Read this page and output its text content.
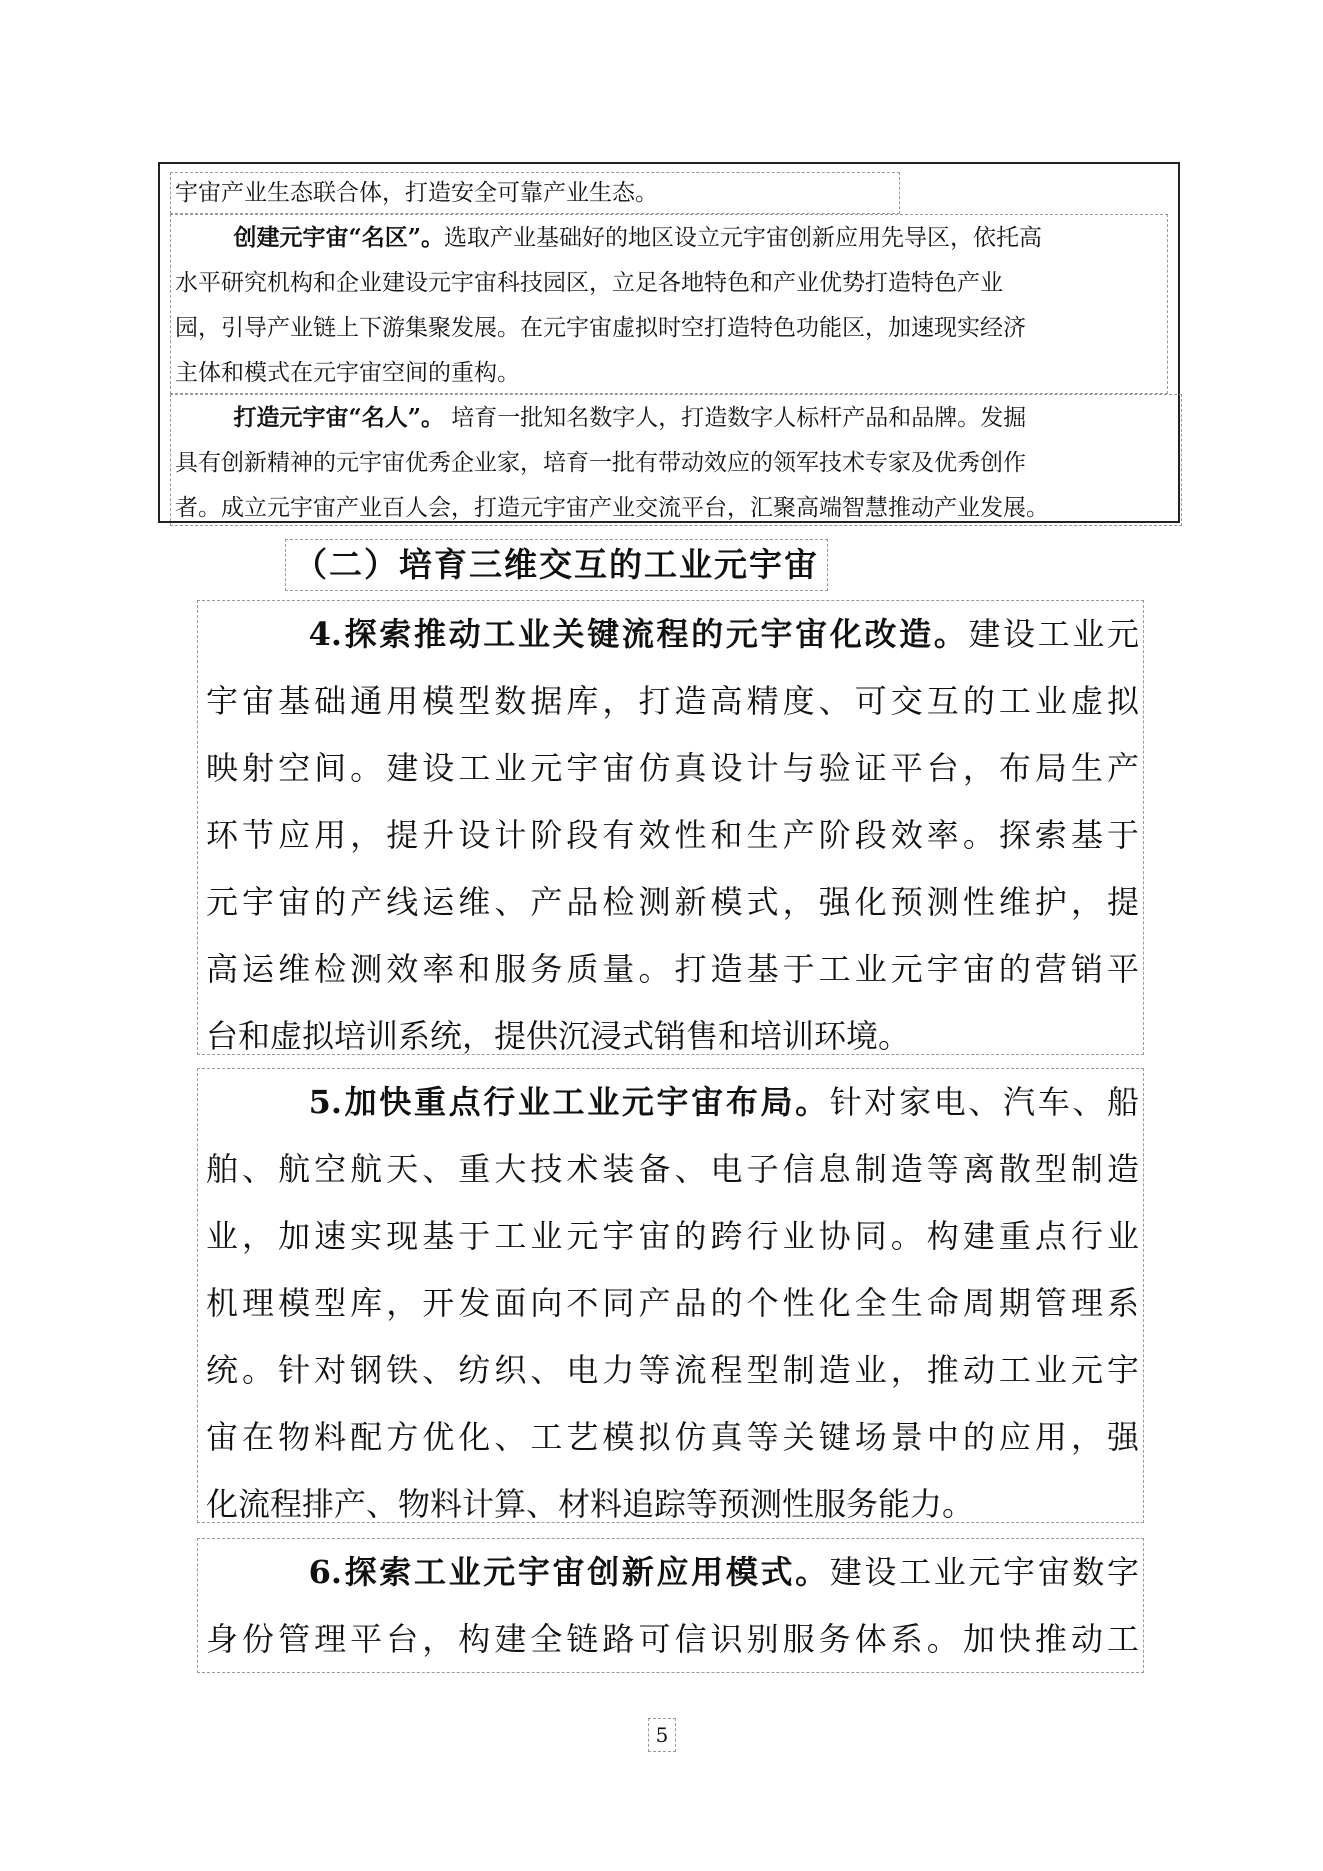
宇宙产业生态联合体，打造安全可靠产业生态。
创建元宇宙“名区”。选取产业基础好的地区设立元宇宙创新应用先导区，依托高
水平研究机构和企业建设元宇宙科技园区，立足各地特色和产业优势打造特色产业
园，引导产业链上下游集聚发展。在元宇宙虚拟时空打造特色功能区，加速现实经济
主体和模式在元宇宙空间的重构。
打造元宇宙“名人”。 培育一批知名数字人，打造数字人标杆产品和品牌。发掘
具有创新精神的元宇宙优秀企业家，培育一批有带动效应的领军技术专家及优秀创作
者。成立元宇宙产业百人会，打造元宇宙产业交流平台，汇聚高端智慧推动产业发展。
（二）培育三维交互的工业元宇宙
4.探索推动工业关键流程的元宇宙化改造。建设工业元
宇宙基础通用模型数据库，打造高精度、可交互的工业虚拟
映射空间。建设工业元宇宙仿真设计与验证平台，布局生产
环节应用，提升设计阶段有效性和生产阶段效率。探索基于
元宇宙的产线运维、产品检测新模式，强化预测性维护，提
高运维检测效率和服务质量。打造基于工业元宇宙的营销平
台和虚拟培训系统，提供沉浸式销售和培训环境。
5.加快重点行业工业元宇宙布局。针对家电、汽车、船
舶、航空航天、重大技术装备、电子信息制造等离散型制造
业，加速实现基于工业元宇宙的跨行业协同。构建重点行业
机理模型库，开发面向不同产品的个性化全生命周期管理系
统。针对钢铁、纺织、电力等流程型制造业，推动工业元宇
宙在物料配方优化、工艺模拟仿真等关键场景中的应用，强
化流程排产、物料计算、材料追踪等预测性服务能力。
6.探索工业元宇宙创新应用模式。建设工业元宇宙数字
身份管理平台，构建全链路可信识别服务体系。加快推动工
5
